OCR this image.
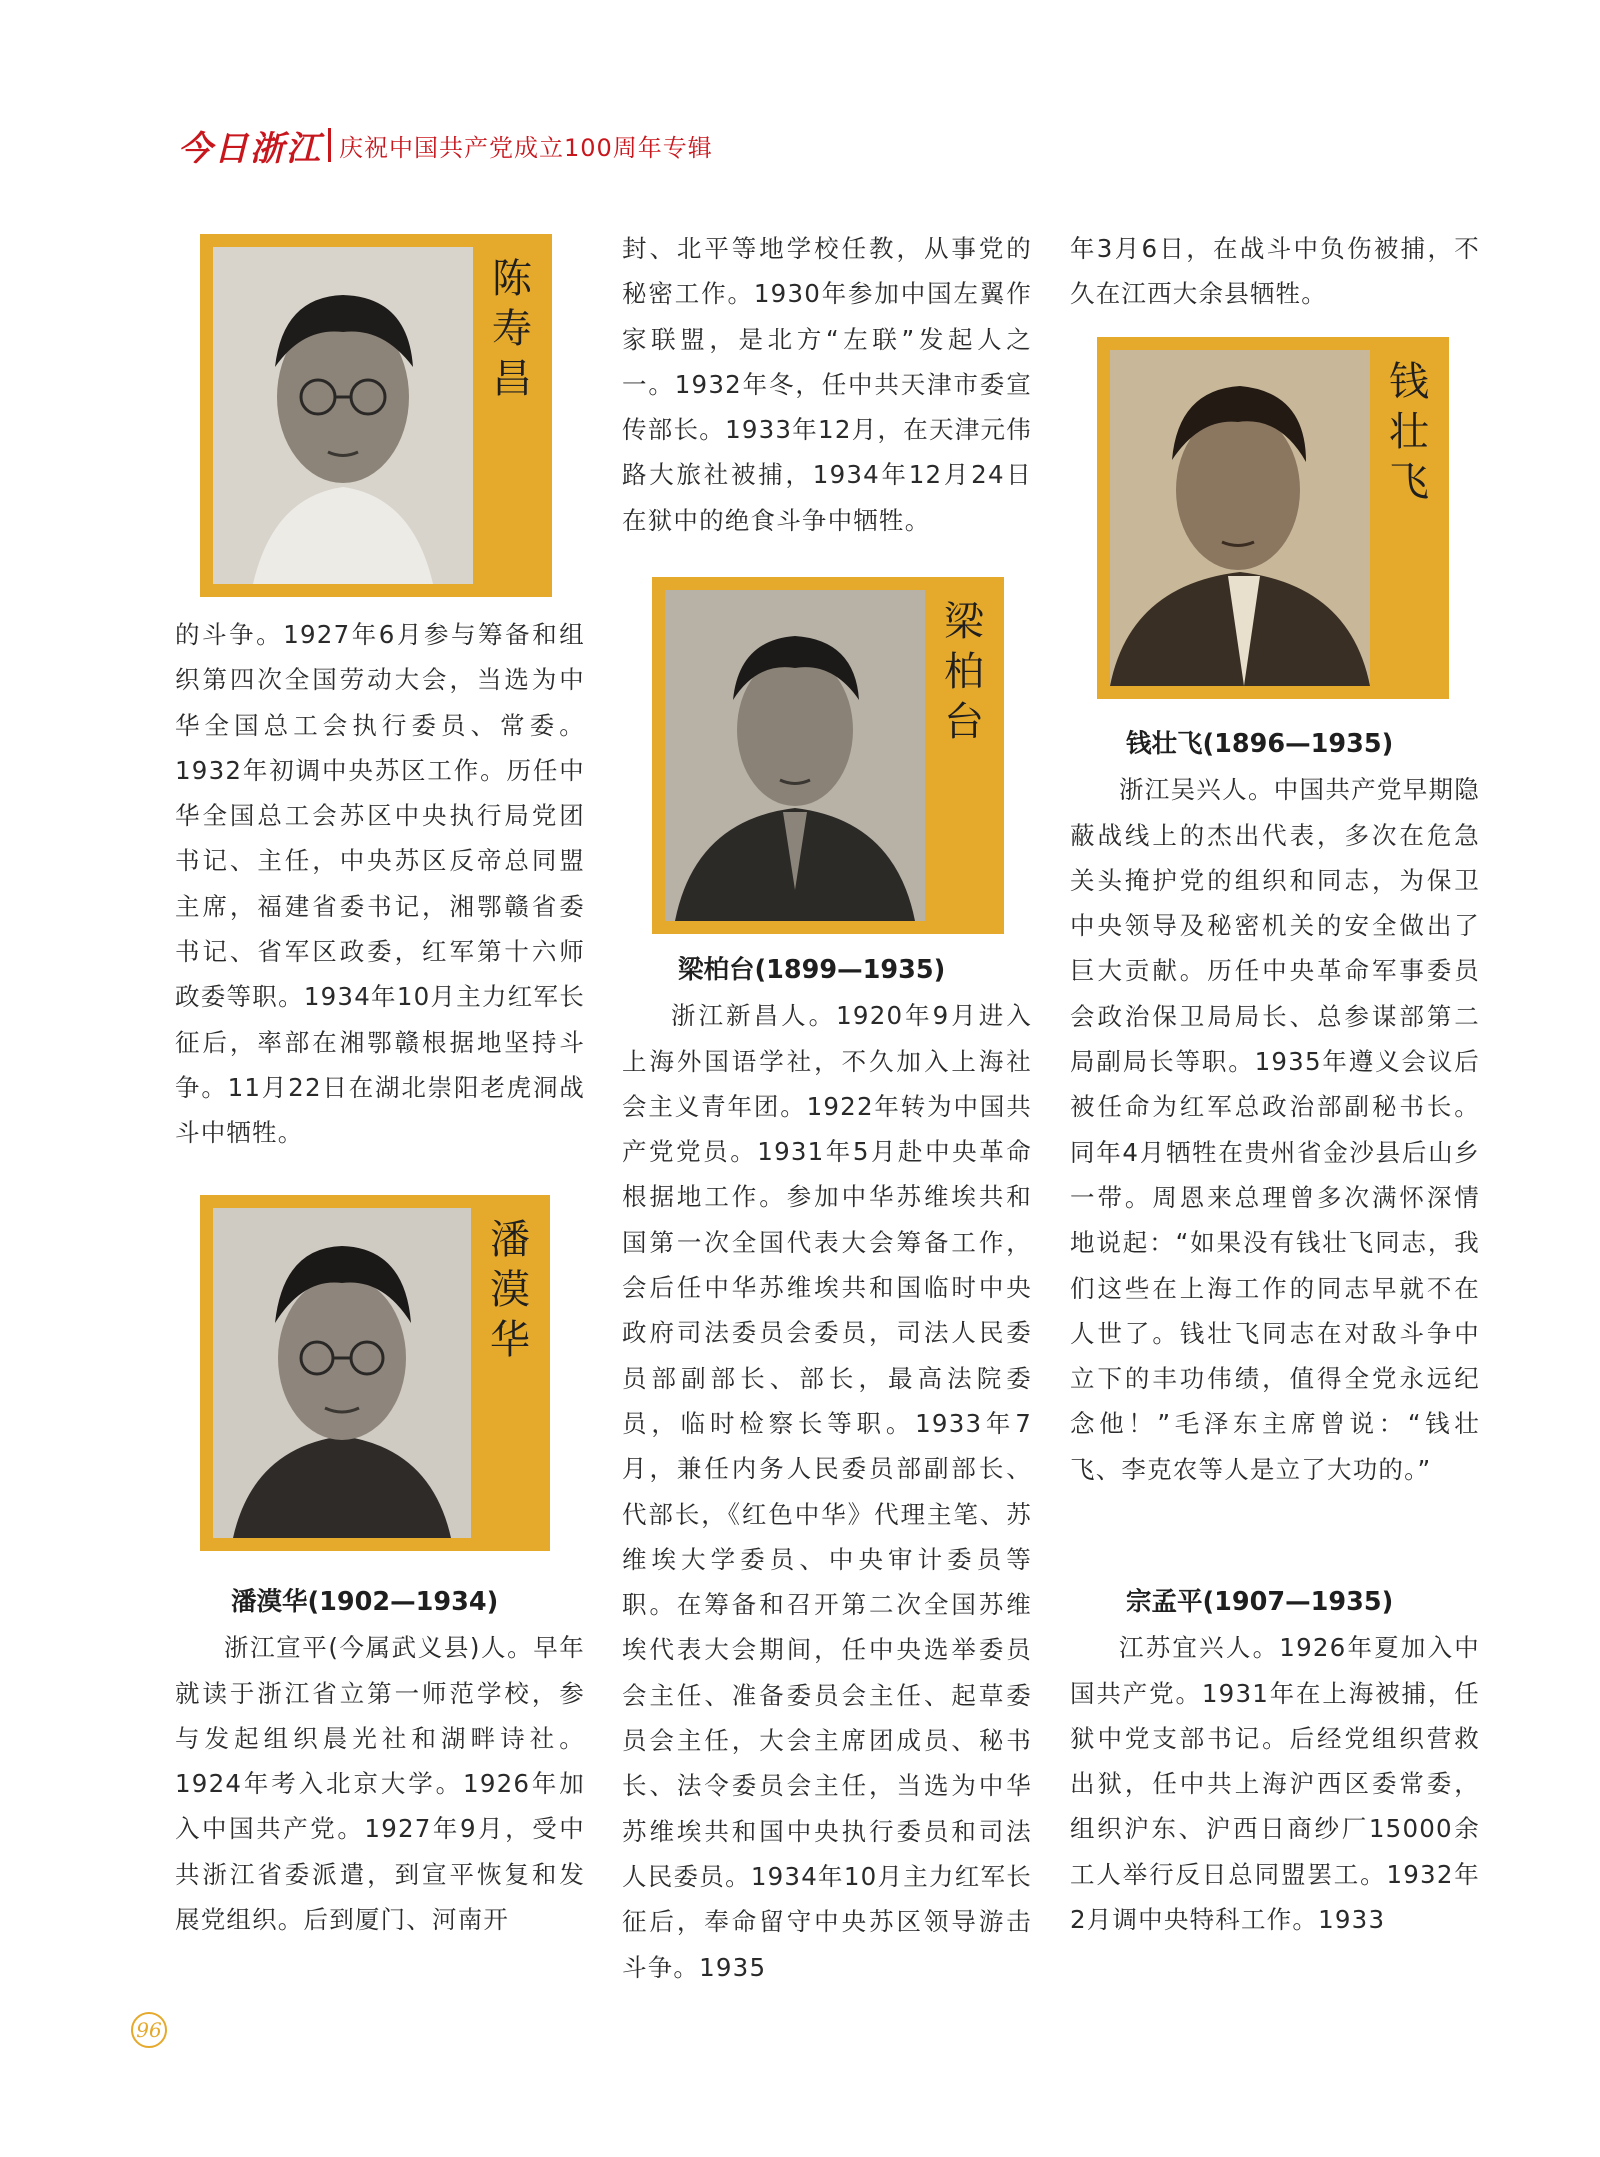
今日浙江 庆祝中国共产党成立100周年专辑
陈
寿
昌
潘
漠
华
梁
柏
台
钱
壮
飞

的斗争。1927年6月参与筹备和组织第四次全国劳动大会，当选为中华全国总工会执行委员、常委。1932年初调中央苏区工作。历任中华全国总工会苏区中央执行局党团书记、主任，中央苏区反帝总同盟主席，福建省委书记，湘鄂赣省委书记、省军区政委，红军第十六师政委等职。1934年10月主力红军长征后，率部在湘鄂赣根据地坚持斗争。11月22日在湖北崇阳老虎洞战斗中牺牲。

潘漠华(1902—1934)

浙江宣平(今属武义县)人。早年就读于浙江省立第一师范学校，参与发起组织晨光社和湖畔诗社。1924年考入北京大学。1926年加入中国共产党。1927年9月，受中共浙江省委派遣，到宣平恢复和发展党组织。后到厦门、河南开

封、北平等地学校任教，从事党的秘密工作。1930年参加中国左翼作家联盟，是北方“左联”发起人之一。1932年冬，任中共天津市委宣传部长。1933年12月，在天津元伟路大旅社被捕，1934年12月24日在狱中的绝食斗争中牺牲。

梁柏台(1899—1935)

浙江新昌人。1920年9月进入上海外国语学社，不久加入上海社会主义青年团。1922年转为中国共产党党员。1931年5月赴中央革命根据地工作。参加中华苏维埃共和国第一次全国代表大会筹备工作，会后任中华苏维埃共和国临时中央政府司法委员会委员，司法人民委员部副部长、部长，最高法院委员，临时检察长等职。1933年7月，兼任内务人民委员部副部长、代部长，《红色中华》代理主笔、苏维埃大学委员、中央审计委员等职。在筹备和召开第二次全国苏维埃代表大会期间，任中央选举委员会主任、准备委员会主任、起草委员会主任，大会主席团成员、秘书长、法令委员会主任，当选为中华苏维埃共和国中央执行委员和司法人民委员。1934年10月主力红军长征后，奉命留守中央苏区领导游击斗争。1935

年3月6日，在战斗中负伤被捕，不久在江西大余县牺牲。

钱壮飞(1896—1935)

浙江吴兴人。中国共产党早期隐蔽战线上的杰出代表，多次在危急关头掩护党的组织和同志，为保卫中央领导及秘密机关的安全做出了巨大贡献。历任中央革命军事委员会政治保卫局局长、总参谋部第二局副局长等职。1935年遵义会议后被任命为红军总政治部副秘书长。同年4月牺牲在贵州省金沙县后山乡一带。周恩来总理曾多次满怀深情地说起：“如果没有钱壮飞同志，我们这些在上海工作的同志早就不在人世了。钱壮飞同志在对敌斗争中立下的丰功伟绩，值得全党永远纪念他！”毛泽东主席曾说：“钱壮飞、李克农等人是立了大功的。”

宗孟平(1907—1935)

江苏宜兴人。1926年夏加入中国共产党。1931年在上海被捕，任狱中党支部书记。后经党组织营救出狱，任中共上海沪西区委常委，组织沪东、沪西日商纱厂15000余工人举行反日总同盟罢工。1932年2月调中央特科工作。1933

96
